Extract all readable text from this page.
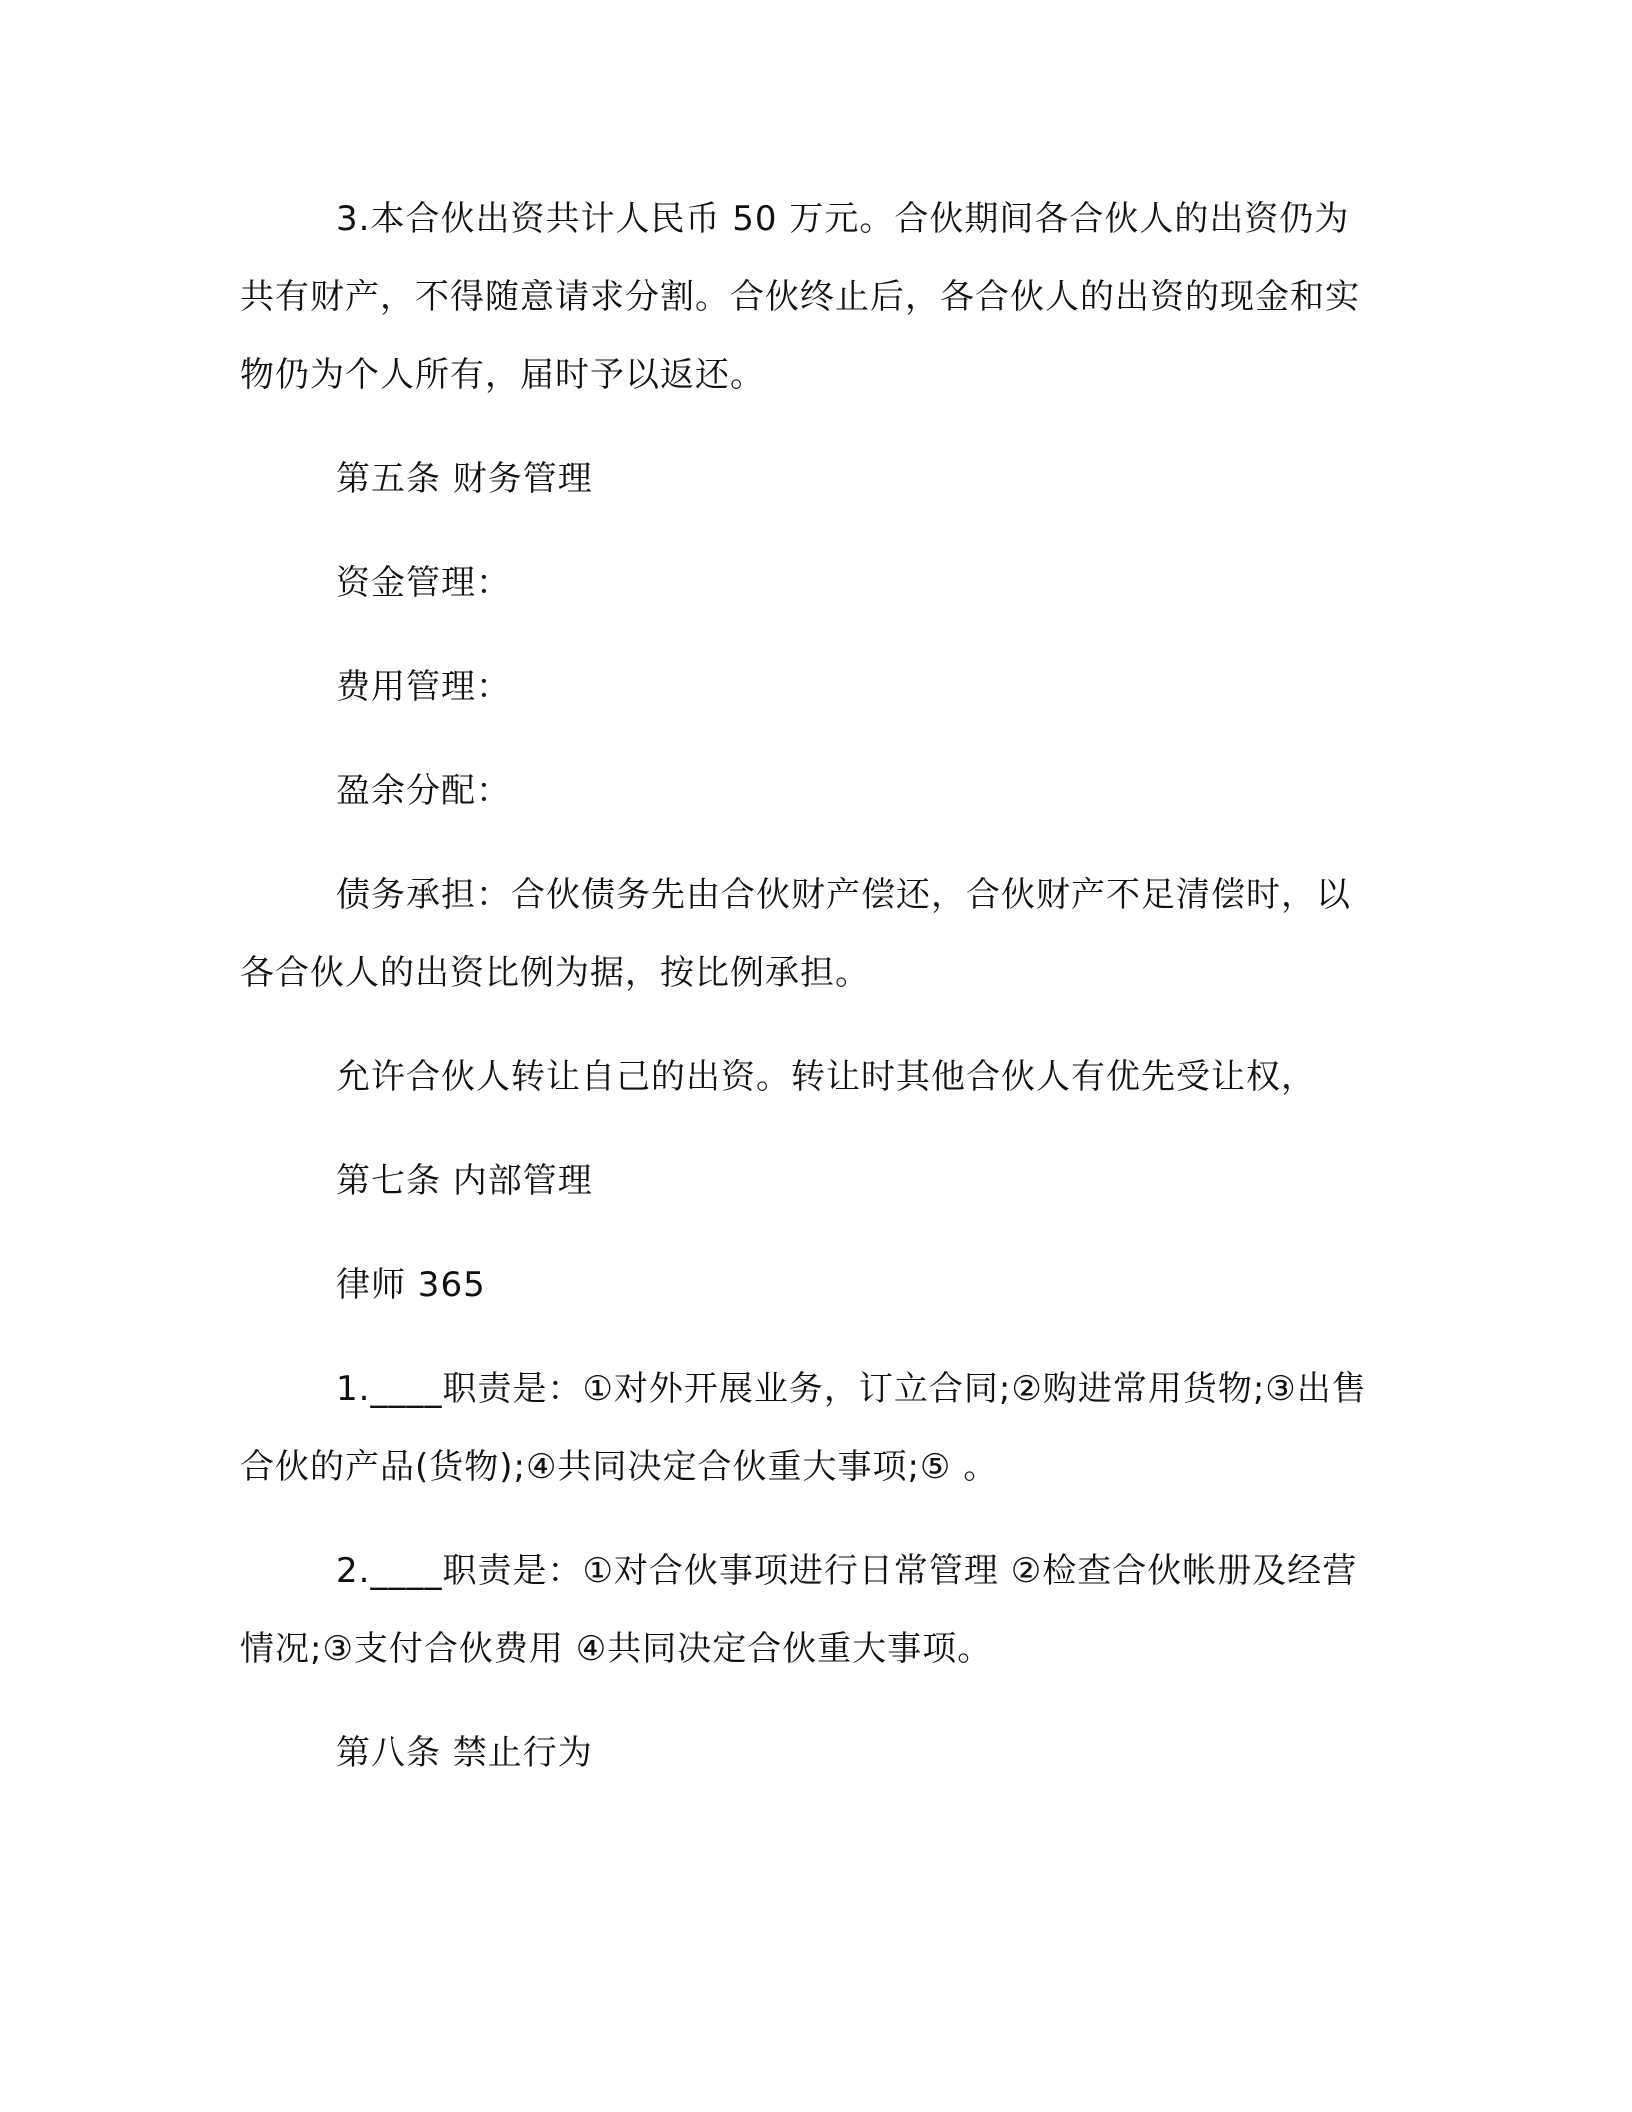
3.本合伙出资共计人民币 50 万元。合伙期间各合伙人的出资仍为共有财产，不得随意请求分割。合伙终止后，各合伙人的出资的现金和实物仍为个人所有，届时予以返还。

第五条 财务管理

资金管理：

费用管理：

盈余分配：

债务承担：合伙债务先由合伙财产偿还，合伙财产不足清偿时，以各合伙人的出资比例为据，按比例承担。

允许合伙人转让自己的出资。转让时其他合伙人有优先受让权，

第七条 内部管理

律师 365

1.____职责是：①对外开展业务，订立合同;②购进常用货物;③出售合伙的产品(货物);④共同决定合伙重大事项;⑤ 。

2.____职责是：①对合伙事项进行日常管理 ②检查合伙帐册及经营情况;③支付合伙费用 ④共同决定合伙重大事项。

第八条 禁止行为
